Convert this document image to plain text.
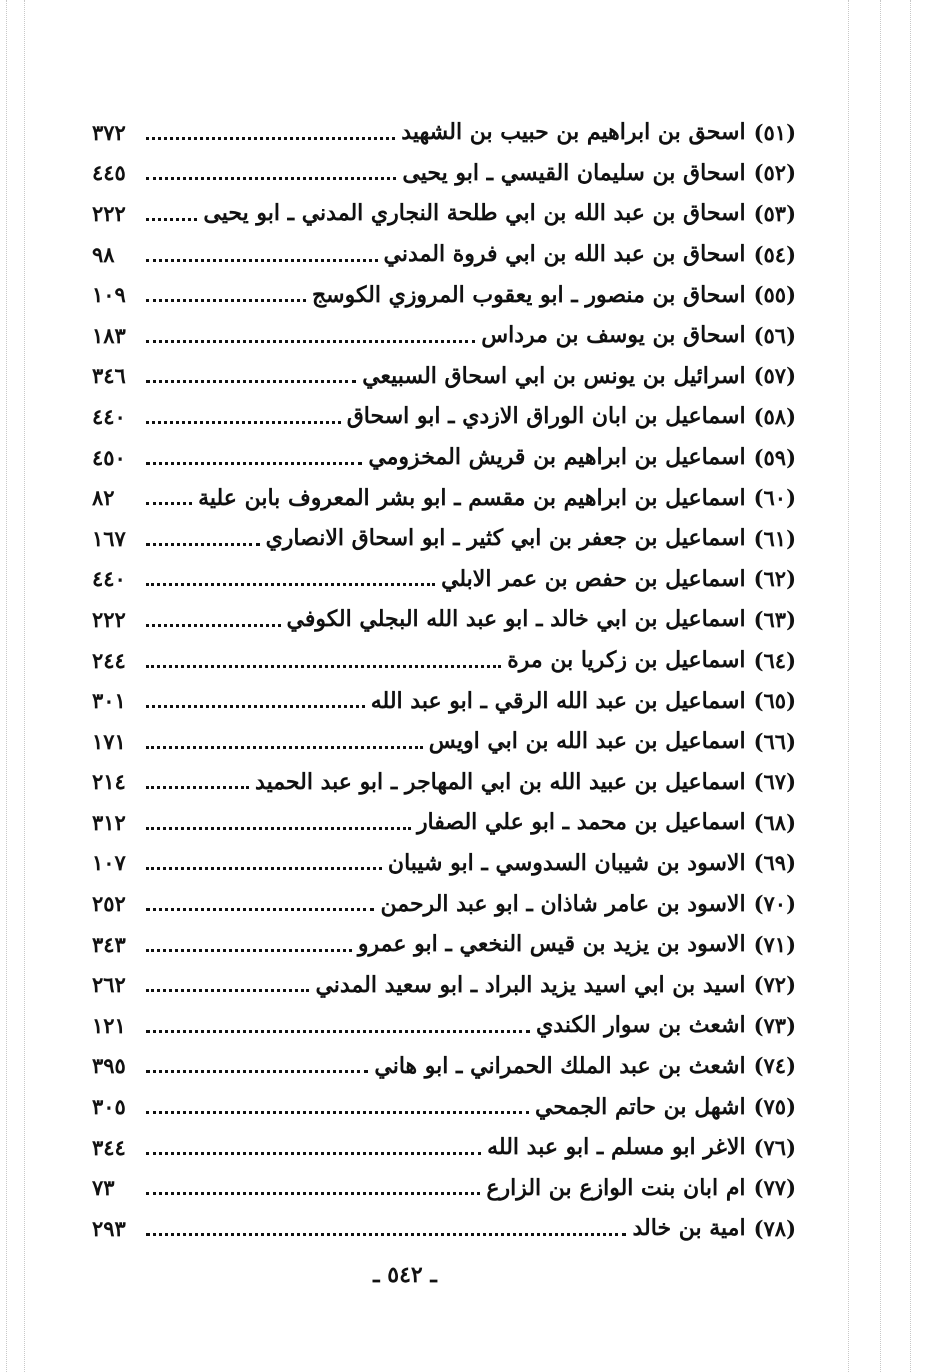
(٥١)
اسحق بن ابراهيم بن حبيب بن الشهيد
٣٧٢
(٥٢)
اسحاق بن سليمان القيسي ـ ابو يحيى
٤٤٥
(٥٣)
اسحاق بن عبد الله بن ابي طلحة النجاري المدني ـ ابو يحيى
٢٢٢
(٥٤)
اسحاق بن عبد الله بن ابي فروة المدني
٩٨
(٥٥)
اسحاق بن منصور ـ ابو يعقوب المروزي الكوسج
١٠٩
(٥٦)
اسحاق بن يوسف بن مرداس
١٨٣
(٥٧)
اسرائيل بن يونس بن ابي اسحاق السبيعي
٣٤٦
(٥٨)
اسماعيل بن ابان الوراق الازدي ـ ابو اسحاق
٤٤٠
(٥٩)
اسماعيل بن ابراهيم بن قريش المخزومي
٤٥٠
(٦٠)
اسماعيل بن ابراهيم بن مقسم ـ ابو بشر المعروف بابن علية
٨٢
(٦١)
اسماعيل بن جعفر بن ابي كثير ـ ابو اسحاق الانصاري
١٦٧
(٦٢)
اسماعيل بن حفص بن عمر الابلي
٤٤٠
(٦٣)
اسماعيل بن ابي خالد ـ ابو عبد الله البجلي الكوفي
٢٢٢
(٦٤)
اسماعيل بن زكريا بن مرة
٢٤٤
(٦٥)
اسماعيل بن عبد الله الرقي ـ ابو عبد الله
٣٠١
(٦٦)
اسماعيل بن عبد الله بن ابي اويس
١٧١
(٦٧)
اسماعيل بن عبيد الله بن ابي المهاجر ـ ابو عبد الحميد
٢١٤
(٦٨)
اسماعيل بن محمد ـ ابو علي الصفار
٣١٢
(٦٩)
الاسود بن شيبان السدوسي ـ ابو شيبان
١٠٧
(٧٠)
الاسود بن عامر شاذان ـ ابو عبد الرحمن
٢٥٢
(٧١)
الاسود بن يزيد بن قيس النخعي ـ ابو عمرو
٣٤٣
(٧٢)
اسيد بن ابي اسيد يزيد البراد ـ ابو سعيد المدني
٢٦٢
(٧٣)
اشعث بن سوار الكندي
١٢١
(٧٤)
اشعث بن عبد الملك الحمراني ـ ابو هاني
٣٩٥
(٧٥)
اشهل بن حاتم الجمحي
٣٠٥
(٧٦)
الاغر ابو مسلم ـ ابو عبد الله
٣٤٤
(٧٧)
ام ابان بنت الوازع بن الزارع
٧٣
(٧٨)
امية بن خالد
٢٩٣
ـ ٥٤٢ ـ
